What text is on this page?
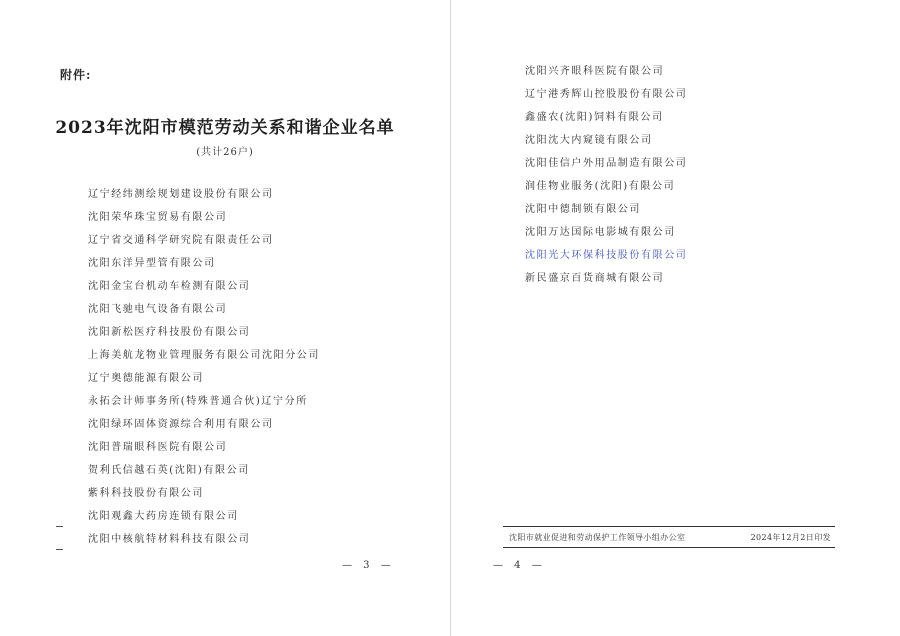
附件:
2023年沈阳市模范劳动关系和谐企业名单
(共计26户)
辽宁经纬测绘规划建设股份有限公司
沈阳荣华珠宝贸易有限公司
辽宁省交通科学研究院有限责任公司
沈阳东洋异型管有限公司
沈阳金宝台机动车检测有限公司
沈阳飞驰电气设备有限公司
沈阳新松医疗科技股份有限公司
上海美航龙物业管理服务有限公司沈阳分公司
辽宁奥德能源有限公司
永拓会计师事务所(特殊普通合伙)辽宁分所
沈阳绿环固体资源综合利用有限公司
沈阳普瑞眼科医院有限公司
贺利氏信越石英(沈阳)有限公司
紫科科技股份有限公司
沈阳观鑫大药房连锁有限公司
沈阳中核航特材料科技有限公司
— 3 —
沈阳兴齐眼科医院有限公司
辽宁港秀辉山控股股份有限公司
鑫盛农(沈阳)饲料有限公司
沈阳沈大内窥镜有限公司
沈阳佳信户外用品制造有限公司
润佳物业服务(沈阳)有限公司
沈阳中德制锁有限公司
沈阳万达国际电影城有限公司
沈阳光大环保科技股份有限公司
新民盛京百货商城有限公司
沈阳市就业促进和劳动保护工作领导小组办公室	2024年12月2日印发
— 4 —
